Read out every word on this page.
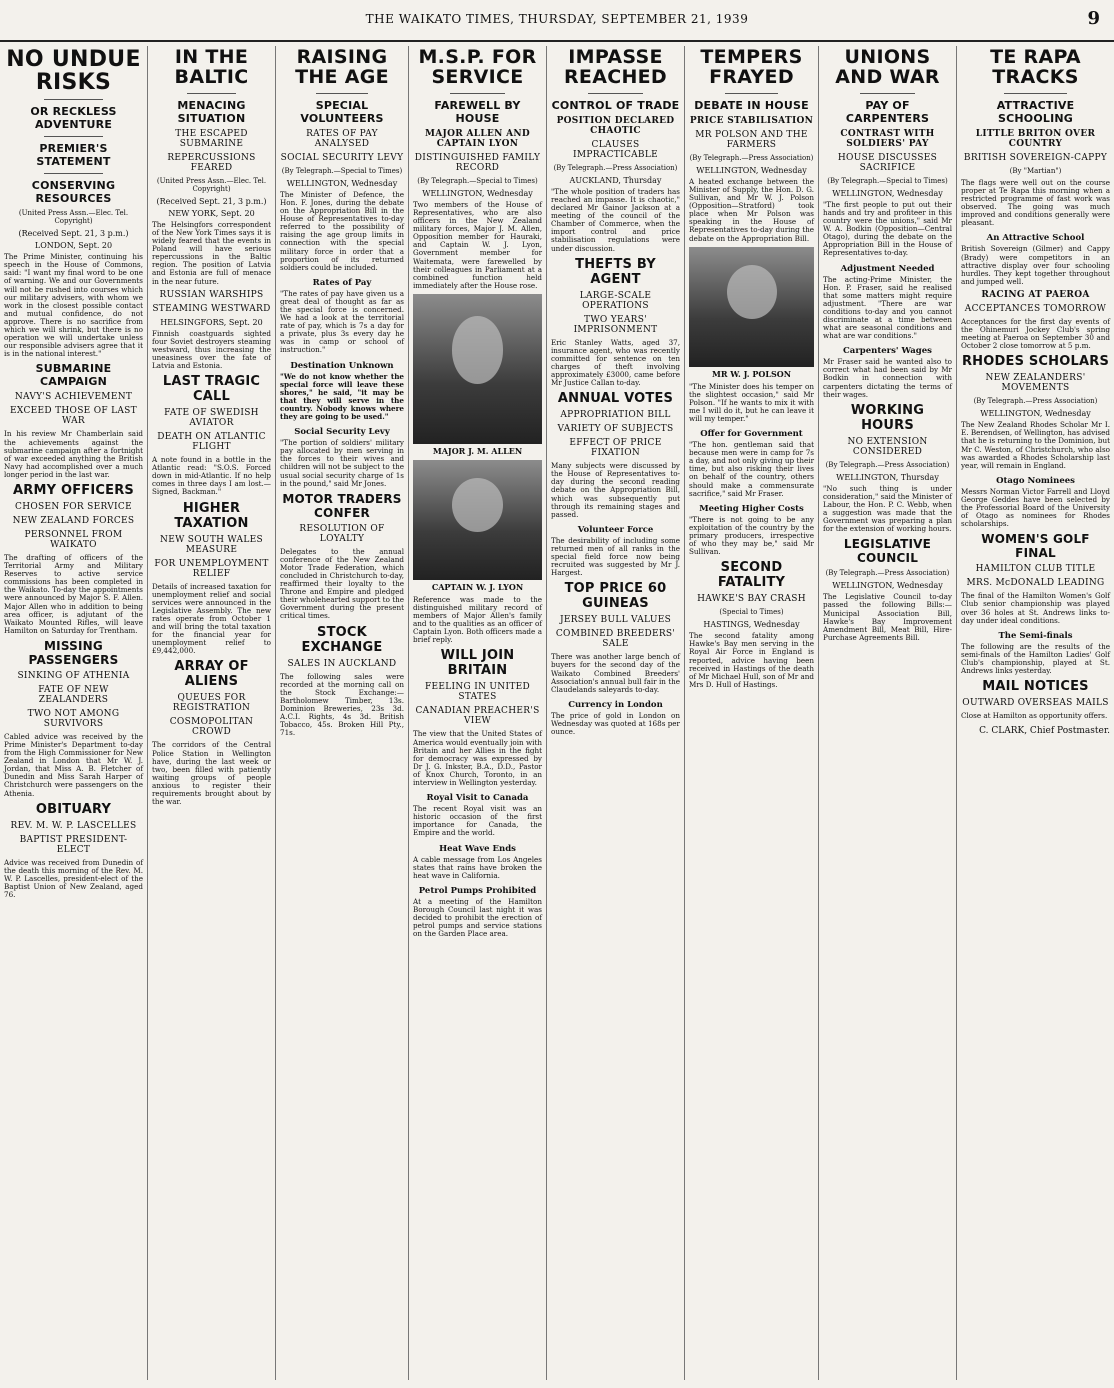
THE WAIKATO TIMES, THURSDAY, SEPTEMBER 21, 1939	9
NO UNDUE RISKS
OR RECKLESS ADVENTURE
PREMIER'S STATEMENT
CONSERVING RESOURCES
(United Press Assn.—Elec. Tel. Copyright)
(Received Sept. 21, 3 p.m.)
LONDON, Sept. 20
The Prime Minister, continuing his speech in the House of Commons, said: "I want my final word to be one of warning. We and our Governments will not be rushed into courses which our military advisers, with whom we work in the closest possible contact and mutual confidence, do not approve. There is no sacrifice from which we will shrink, but there is no operation we will undertake unless our responsible advisers agree that it is in the national interest."
SUBMARINE CAMPAIGN
NAVY'S ACHIEVEMENT
EXCEED THOSE OF LAST WAR
In his review Mr Chamberlain said the achievements against the submarine campaign after a fortnight of war exceeded anything the British Navy had accomplished over a much longer period in the last war.
ARMY OFFICERS
CHOSEN FOR SERVICE
NEW ZEALAND FORCES
PERSONNEL FROM WAIKATO
The drafting of officers of the Territorial Army and Military Reserves to active service commissions has been completed in the Waikato. To-day the appointments were announced by Major S. F. Allen. Major Allen who in addition to being area officer, is adjutant of the Waikato Mounted Rifles, will leave Hamilton on Saturday for Trentham.
MISSING PASSENGERS
SINKING OF ATHENIA
FATE OF NEW ZEALANDERS
TWO NOT AMONG SURVIVORS
Cabled advice was received by the Prime Minister's Department to-day from the High Commissioner for New Zealand in London that Mr W. J. Jordan, that Miss A. B. Fletcher of Dunedin and Miss Sarah Harper of Christchurch were passengers on the Athenia.
OBITUARY
REV. M. W. P. LASCELLES
BAPTIST PRESIDENT-ELECT
Advice was received from Dunedin of the death this morning of the Rev. M. W. P. Lascelles, president-elect of the Baptist Union of New Zealand, aged 76.
IN THE BALTIC
MENACING SITUATION
THE ESCAPED SUBMARINE
REPERCUSSIONS FEARED
(United Press Assn.—Elec. Tel. Copyright)
(Received Sept. 21, 3 p.m.)
NEW YORK, Sept. 20
The Helsingfors correspondent of the New York Times says it is widely feared that the events in Poland will have serious repercussions in the Baltic region. The position of Latvia and Estonia are full of menace in the near future.
RUSSIAN WARSHIPS
STEAMING WESTWARD
HELSINGFORS, Sept. 20
Finnish coastguards sighted four Soviet destroyers steaming westward, thus increasing the uneasiness over the fate of Latvia and Estonia.
LAST TRAGIC CALL
FATE OF SWEDISH AVIATOR
DEATH ON ATLANTIC FLIGHT
A note found in a bottle in the Atlantic read: "S.O.S. Forced down in mid-Atlantic. If no help comes in three days I am lost.—Signed, Backman."
HIGHER TAXATION
NEW SOUTH WALES MEASURE
FOR UNEMPLOYMENT RELIEF
Details of increased taxation for unemployment relief and social services were announced in the Legislative Assembly. The new rates operate from October 1 and will bring the total taxation for the financial year for unemployment relief to £9,442,000.
ARRAY OF ALIENS
QUEUES FOR REGISTRATION
COSMOPOLITAN CROWD
The corridors of the Central Police Station in Wellington have, during the last week or two, been filled with patiently waiting groups of people anxious to register their requirements brought about by the war.
RAISING THE AGE
SPECIAL VOLUNTEERS
RATES OF PAY ANALYSED
SOCIAL SECURITY LEVY
(By Telegraph.—Special to Times)
WELLINGTON, Wednesday
The Minister of Defence, the Hon. F. Jones, during the debate on the Appropriation Bill in the House of Representatives to-day referred to the possibility of raising the age group limits in connection with the special military force in order that a proportion of its returned soldiers could be included.
Rates of Pay
"The rates of pay have given us a great deal of thought as far as the special force is concerned. We had a look at the territorial rate of pay, which is 7s a day for a private, plus 3s every day he was in camp or school of instruction."
Destination Unknown
"We do not know whether the special force will leave these shores," he said, "it may be that they will serve in the country. Nobody knows where they are going to be used."
Social Security Levy
"The portion of soldiers' military pay allocated by men serving in the forces to their wives and children will not be subject to the usual social security charge of 1s in the pound," said Mr Jones.
MOTOR TRADERS CONFER
RESOLUTION OF LOYALTY
Delegates to the annual conference of the New Zealand Motor Trade Federation, which concluded in Christchurch to-day, reaffirmed their loyalty to the Throne and Empire and pledged their wholehearted support to the Government during the present critical times.
STOCK EXCHANGE
SALES IN AUCKLAND
The following sales were recorded at the morning call on the Stock Exchange:—Bartholomew Timber, 13s. Dominion Breweries, 23s 3d. A.C.I. Rights, 4s 3d. British Tobacco, 45s. Broken Hill Pty., 71s.
M.S.P. FOR SERVICE
FAREWELL BY HOUSE
MAJOR ALLEN AND CAPTAIN LYON
DISTINGUISHED FAMILY RECORD
(By Telegraph.—Special to Times)
WELLINGTON, Wednesday
Two members of the House of Representatives, who are also officers in the New Zealand military forces, Major J. M. Allen, Opposition member for Hauraki, and Captain W. J. Lyon, Government member for Waitemata, were farewelled by their colleagues in Parliament at a combined function held immediately after the House rose.
MAJOR J. M. ALLEN
CAPTAIN W. J. LYON
Reference was made to the distinguished military record of members of Major Allen's family and to the qualities as an officer of Captain Lyon. Both officers made a brief reply.
WILL JOIN BRITAIN
FEELING IN UNITED STATES
CANADIAN PREACHER'S VIEW
The view that the United States of America would eventually join with Britain and her Allies in the fight for democracy was expressed by Dr J. G. Inkster, B.A., D.D., Pastor of Knox Church, Toronto, in an interview in Wellington yesterday.
Royal Visit to Canada
The recent Royal visit was an historic occasion of the first importance for Canada, the Empire and the world.
Heat Wave Ends
A cable message from Los Angeles states that rains have broken the heat wave in California.
Petrol Pumps Prohibited
At a meeting of the Hamilton Borough Council last night it was decided to prohibit the erection of petrol pumps and service stations on the Garden Place area.
IMPASSE REACHED
CONTROL OF TRADE
POSITION DECLARED CHAOTIC
CLAUSES IMPRACTICABLE
(By Telegraph.—Press Association)
AUCKLAND, Thursday
"The whole position of traders has reached an impasse. It is chaotic," declared Mr Gainor Jackson at a meeting of the council of the Chamber of Commerce, when the import control and price stabilisation regulations were under discussion.
THEFTS BY AGENT
LARGE-SCALE OPERATIONS
TWO YEARS' IMPRISONMENT
Eric Stanley Watts, aged 37, insurance agent, who was recently committed for sentence on ten charges of theft involving approximately £3000, came before Mr Justice Callan to-day.
ANNUAL VOTES
APPROPRIATION BILL
VARIETY OF SUBJECTS
EFFECT OF PRICE FIXATION
Many subjects were discussed by the House of Representatives to-day during the second reading debate on the Appropriation Bill, which was subsequently put through its remaining stages and passed.
Volunteer Force
The desirability of including some returned men of all ranks in the special field force now being recruited was suggested by Mr J. Hargest.
TOP PRICE 60 GUINEAS
JERSEY BULL VALUES
COMBINED BREEDERS' SALE
There was another large bench of buyers for the second day of the Waikato Combined Breeders' Association's annual bull fair in the Claudelands saleyards to-day.
Currency in London
The price of gold in London on Wednesday was quoted at 168s per ounce.
TEMPERS FRAYED
DEBATE IN HOUSE
PRICE STABILISATION
MR POLSON AND THE FARMERS
(By Telegraph.—Press Association)
WELLINGTON, Wednesday
A heated exchange between the Minister of Supply, the Hon. D. G. Sullivan, and Mr W. J. Polson (Opposition—Stratford) took place when Mr Polson was speaking in the House of Representatives to-day during the debate on the Appropriation Bill.
MR W. J. POLSON
"The Minister does his temper on the slightest occasion," said Mr Polson. "If he wants to mix it with me I will do it, but he can leave it will my temper."
Offer for Government
"The hon. gentleman said that because men were in camp for 7s a day, and not only giving up their time, but also risking their lives on behalf of the country, others should make a commensurate sacrifice," said Mr Fraser.
Meeting Higher Costs
"There is not going to be any exploitation of the country by the primary producers, irrespective of who they may be," said Mr Sullivan.
SECOND FATALITY
HAWKE'S BAY CRASH
(Special to Times)
HASTINGS, Wednesday
The second fatality among Hawke's Bay men serving in the Royal Air Force in England is reported, advice having been received in Hastings of the death of Mr Michael Hull, son of Mr and Mrs D. Hull of Hastings.
UNIONS AND WAR
PAY OF CARPENTERS
CONTRAST WITH SOLDIERS' PAY
HOUSE DISCUSSES SACRIFICE
(By Telegraph.—Special to Times)
WELLINGTON, Wednesday
"The first people to put out their hands and try and profiteer in this country were the unions," said Mr W. A. Bodkin (Opposition—Central Otago), during the debate on the Appropriation Bill in the House of Representatives to-day.
Adjustment Needed
The acting-Prime Minister, the Hon. P. Fraser, said he realised that some matters might require adjustment. "There are war conditions to-day and you cannot discriminate at a time between what are seasonal conditions and what are war conditions."
Carpenters' Wages
Mr Fraser said he wanted also to correct what had been said by Mr Bodkin in connection with carpenters dictating the terms of their wages.
WORKING HOURS
NO EXTENSION CONSIDERED
(By Telegraph.—Press Association)
WELLINGTON, Thursday
"No such thing is under consideration," said the Minister of Labour, the Hon. P. C. Webb, when a suggestion was made that the Government was preparing a plan for the extension of working hours.
LEGISLATIVE COUNCIL
(By Telegraph.—Press Association)
WELLINGTON, Wednesday
The Legislative Council to-day passed the following Bills:—Municipal Association Bill, Hawke's Bay Improvement Amendment Bill, Meat Bill, Hire-Purchase Agreements Bill.
TE RAPA TRACKS
ATTRACTIVE SCHOOLING
LITTLE BRITON OVER COUNTRY
BRITISH SOVEREIGN-CAPPY
(By "Martian")
The flags were well out on the course proper at Te Rapa this morning when a restricted programme of fast work was observed. The going was much improved and conditions generally were pleasant.
An Attractive School
British Sovereign (Gilmer) and Cappy (Brady) were competitors in an attractive display over four schooling hurdles. They kept together throughout and jumped well.
RACING AT PAEROA
ACCEPTANCES TOMORROW
Acceptances for the first day events of the Ohinemuri Jockey Club's spring meeting at Paeroa on September 30 and October 2 close tomorrow at 5 p.m.
RHODES SCHOLARS
NEW ZEALANDERS' MOVEMENTS
(By Telegraph.—Press Association)
WELLINGTON, Wednesday
The New Zealand Rhodes Scholar Mr I. E. Berendsen, of Wellington, has advised that he is returning to the Dominion, but Mr C. Weston, of Christchurch, who also was awarded a Rhodes Scholarship last year, will remain in England.
Otago Nominees
Messrs Norman Victor Farrell and Lloyd George Geddes have been selected by the Professorial Board of the University of Otago as nominees for Rhodes scholarships.
WOMEN'S GOLF FINAL
HAMILTON CLUB TITLE
MRS. McDONALD LEADING
The final of the Hamilton Women's Golf Club senior championship was played over 36 holes at St. Andrews links to-day under ideal conditions.
The Semi-finals
The following are the results of the semi-finals of the Hamilton Ladies' Golf Club's championship, played at St. Andrews links yesterday.
MAIL NOTICES
OUTWARD OVERSEAS MAILS
Close at Hamilton as opportunity offers.
C. CLARK, Chief Postmaster.
